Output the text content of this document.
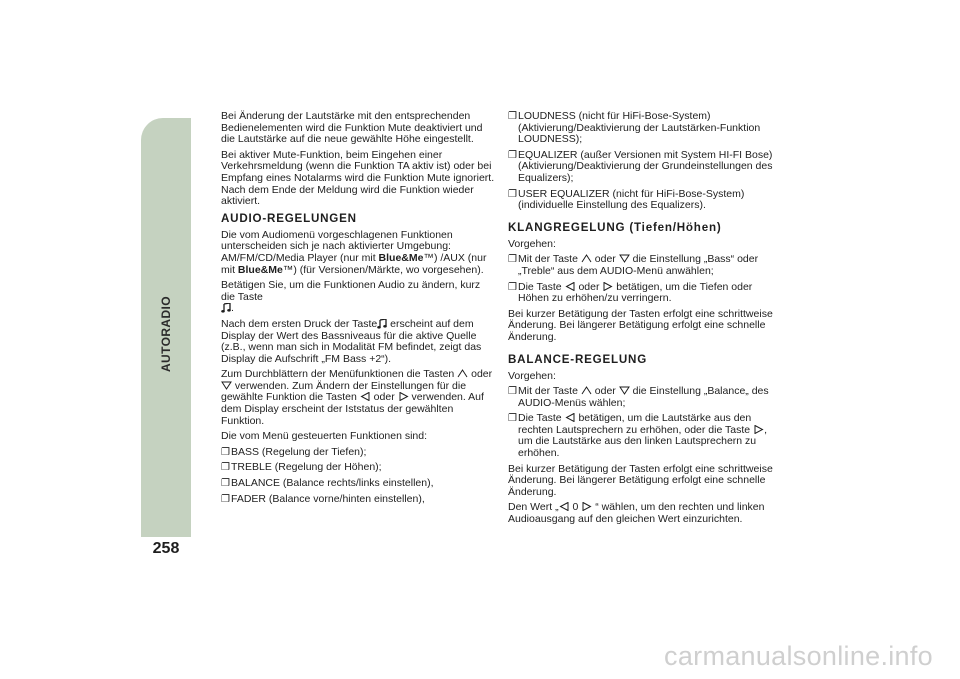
AUTORADIO
258

Bei Änderung der Lautstärke mit den entsprechenden Bedienelementen wird die Funktion Mute deaktiviert und die Lautstärke auf die neue gewählte Höhe eingestellt.

Bei aktiver Mute-Funktion, beim Eingehen einer Verkehrsmeldung (wenn die Funktion TA aktiv ist) oder bei Empfang eines Notalarms wird die Funktion Mute ignoriert. Nach dem Ende der Meldung wird die Funktion wieder aktiviert.

AUDIO-REGELUNGEN

Die vom Audiomenü vorgeschlagenen Funktionen unterscheiden sich je nach aktivierter Umgebung: AM/FM/CD/Media Player (nur mit Blue&Me™) /AUX (nur mit Blue&Me™) (für Versionen/Märkte, wo vorgesehen).

Betätigen Sie, um die Funktionen Audio zu ändern, kurz die Taste

.

Nach dem ersten Druck der Taste erscheint auf dem Display der Wert des Bassniveaus für die aktive Quelle (z.B., wenn man sich in Modalität FM befindet, zeigt das Display die Aufschrift „FM Bass +2“).

Zum Durchblättern der Menüfunktionen die Tasten oder
verwenden. Zum Ändern der Einstellungen für die gewählte Funktion die Tasten oder verwenden. Auf dem Display erscheint der Iststatus der gewählten Funktion.

Die vom Menü gesteuerten Funktionen sind:

❐ BASS (Regelung der Tiefen);
❐ TREBLE (Regelung der Höhen);
❐ BALANCE (Balance rechts/links einstellen),
❐ FADER (Balance vorne/hinten einstellen),
❐ LOUDNESS (nicht für HiFi-Bose-System) (Aktivierung/Deaktivierung der Lautstärken-Funktion LOUDNESS);
❐ EQUALIZER (außer Versionen mit System HI-FI Bose) (Aktivierung/Deaktivierung der Grundeinstellungen des Equalizers);
❐ USER EQUALIZER (nicht für HiFi-Bose-System) (individuelle Einstellung des Equalizers).
KLANGREGELUNG (Tiefen/Höhen)

Vorgehen:

❐ Mit der Taste oder die Einstellung „Bass“ oder „Treble“ aus dem AUDIO-Menü anwählen;
❐ Die Taste oder betätigen, um die Tiefen oder Höhen zu erhöhen/zu verringern.

Bei kurzer Betätigung der Tasten erfolgt eine schrittweise Änderung. Bei längerer Betätigung erfolgt eine schnelle Änderung.

BALANCE-REGELUNG

Vorgehen:

❐ Mit der Taste oder die Einstellung „Balance„ des AUDIO-Menüs wählen;
❐ Die Taste betätigen, um die Lautstärke aus den rechten Lautsprechern zu erhöhen, oder die Taste , um die Lautstärke aus den linken Lautsprechern zu erhöhen.

Bei kurzer Betätigung der Tasten erfolgt eine schrittweise Änderung. Bei längerer Betätigung erfolgt eine schnelle Änderung.

Den Wert „ 0 “ wählen, um den rechten und linken Audioausgang auf den gleichen Wert einzurichten.

carmanualsonline.info
